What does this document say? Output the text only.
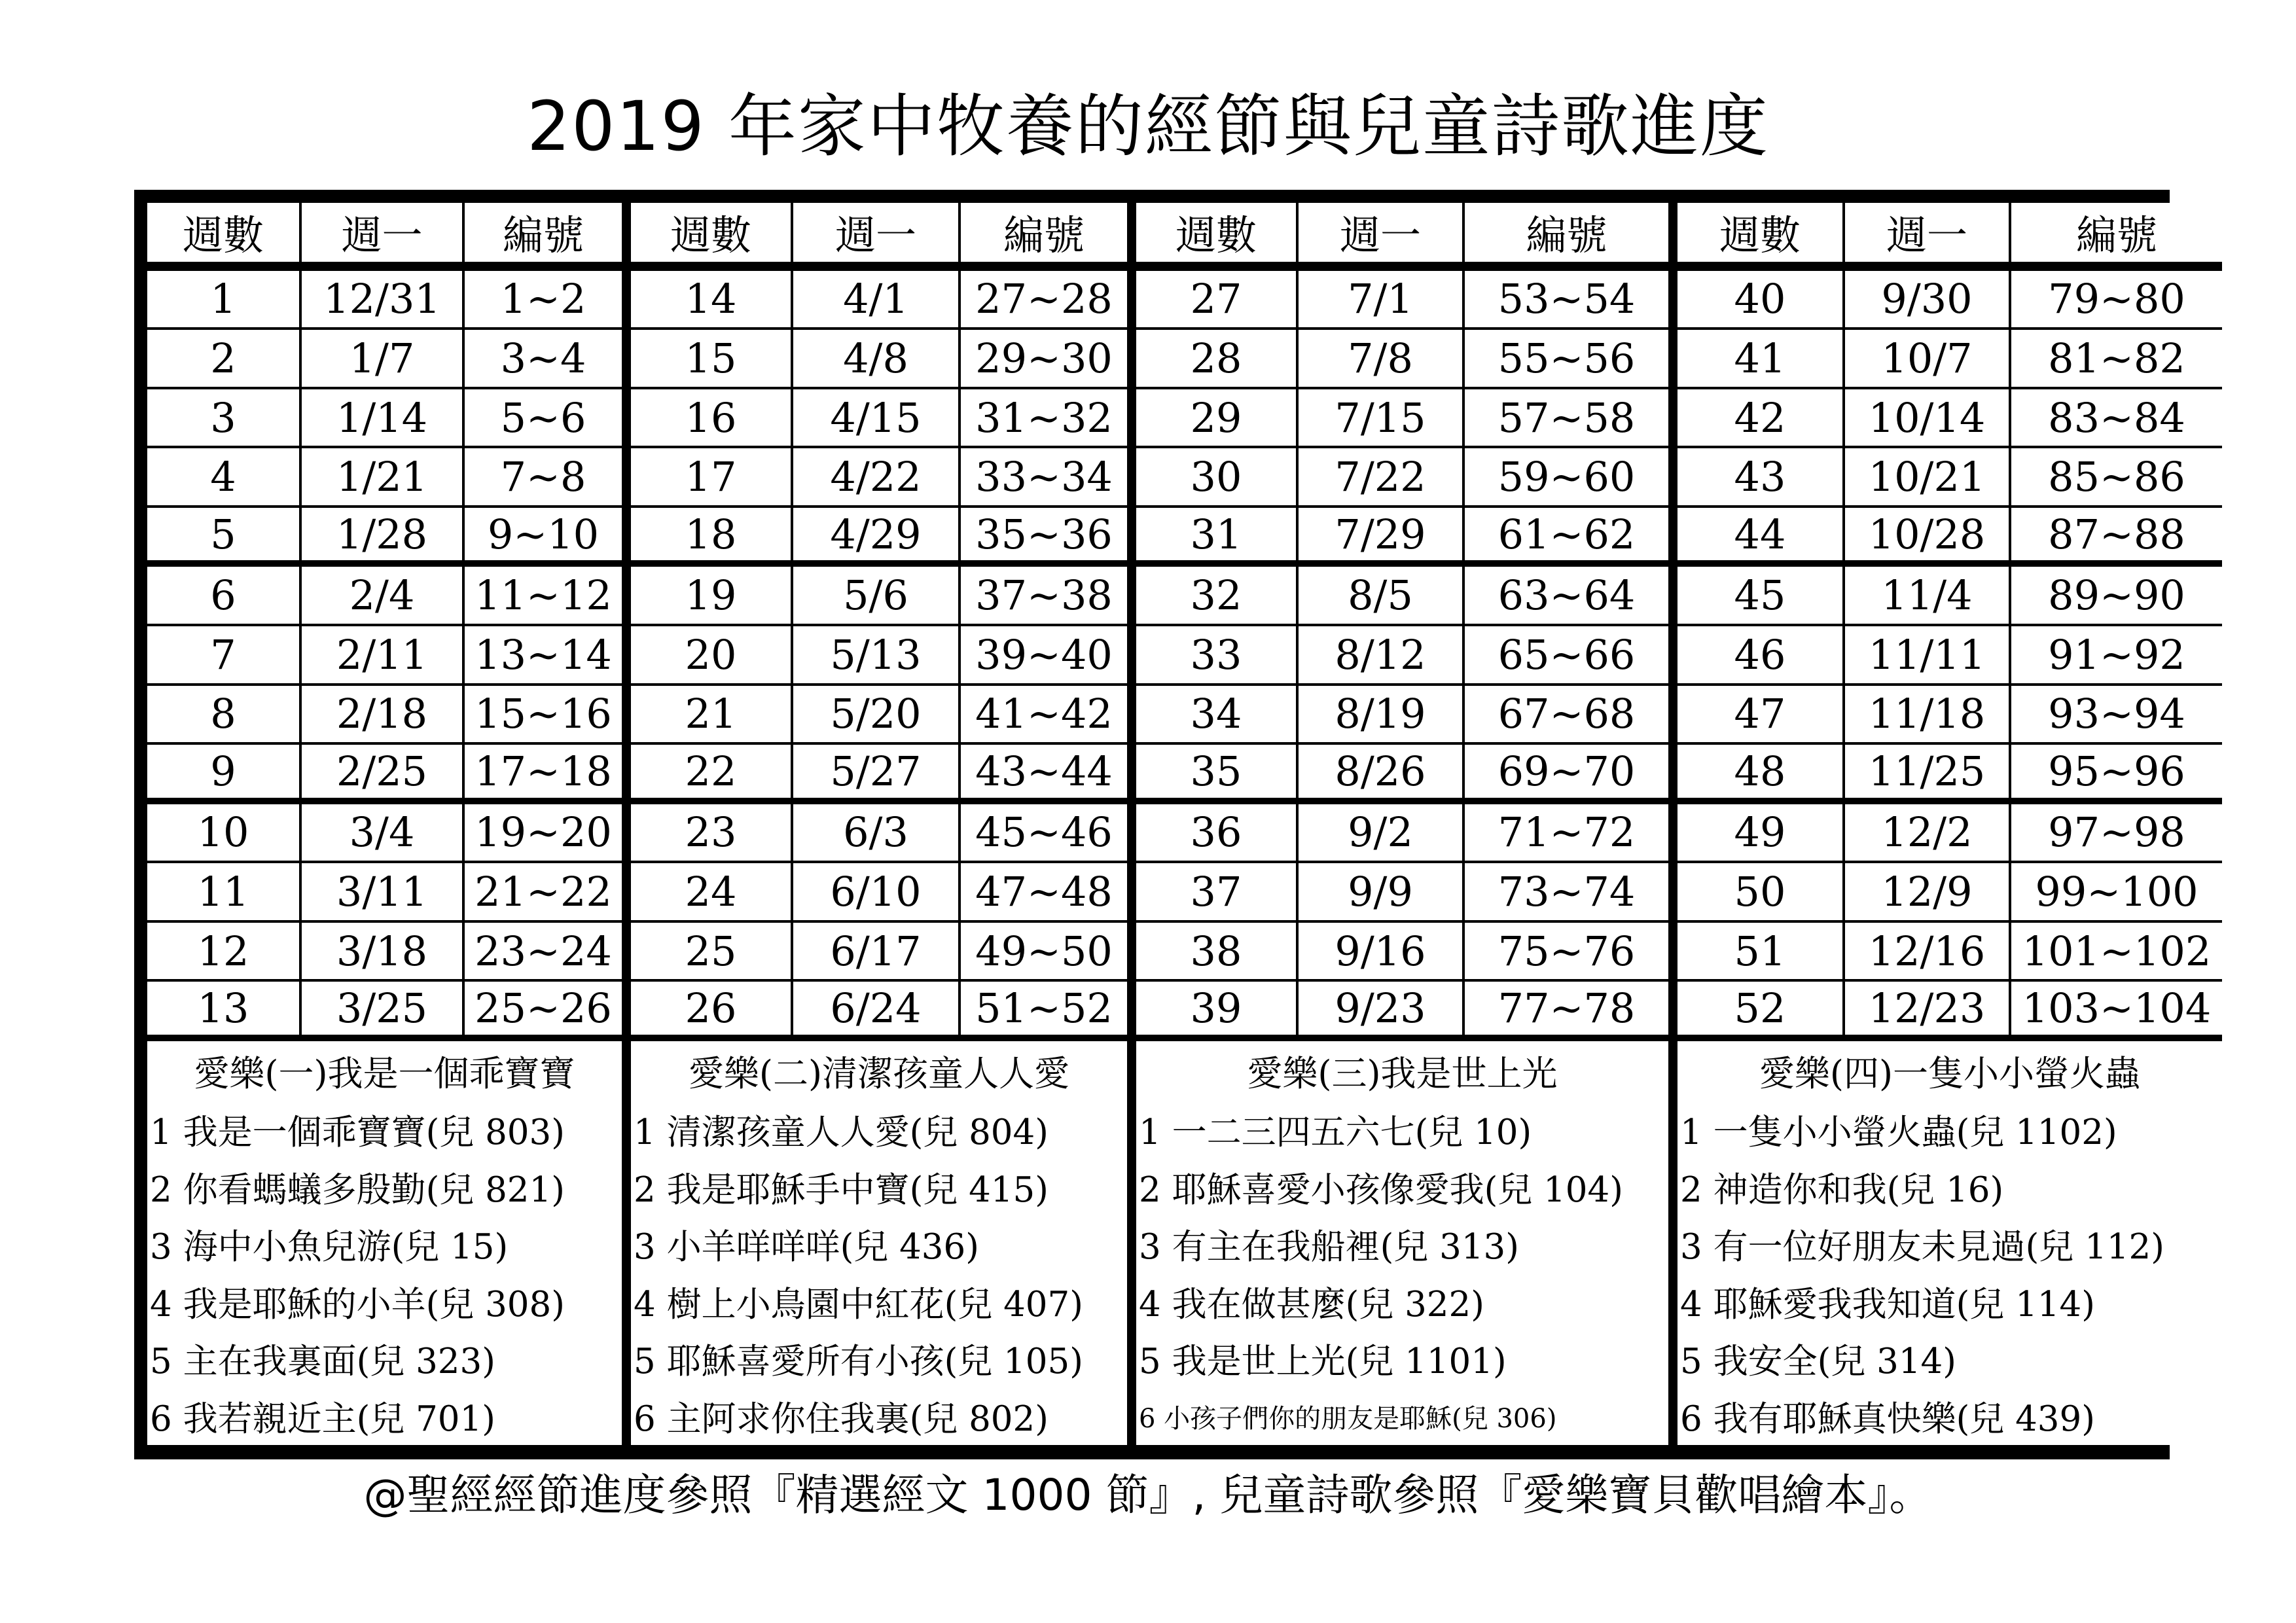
2019 年家中牧養的經節與兒童詩歌進度
週數	週一	編號	週數	週一	編號	週數	週一	編號	週數	週一	編號
1	12/31	1~2	14	4/1	27~28	27	7/1	53~54	40	9/30	79~80
2	1/7	3~4	15	4/8	29~30	28	7/8	55~56	41	10/7	81~82
3	1/14	5~6	16	4/15	31~32	29	7/15	57~58	42	10/14	83~84
4	1/21	7~8	17	4/22	33~34	30	7/22	59~60	43	10/21	85~86
5	1/28	9~10	18	4/29	35~36	31	7/29	61~62	44	10/28	87~88
6	2/4	11~12	19	5/6	37~38	32	8/5	63~64	45	11/4	89~90
7	2/11	13~14	20	5/13	39~40	33	8/12	65~66	46	11/11	91~92
8	2/18	15~16	21	5/20	41~42	34	8/19	67~68	47	11/18	93~94
9	2/25	17~18	22	5/27	43~44	35	8/26	69~70	48	11/25	95~96
10	3/4	19~20	23	6/3	45~46	36	9/2	71~72	49	12/2	97~98
11	3/11	21~22	24	6/10	47~48	37	9/9	73~74	50	12/9	99~100
12	3/18	23~24	25	6/17	49~50	38	9/16	75~76	51	12/16	101~102
13	3/25	25~26	26	6/24	51~52	39	9/23	77~78	52	12/23	103~104
愛樂(一)我是一個乖寶寶			愛樂(二)清潔孩童人人愛			愛樂(三)我是世上光			愛樂(四)一隻小小螢火蟲		
1 我是一個乖寶寶(兒 803)			1 清潔孩童人人愛(兒 804)			1 一二三四五六七(兒 10)			1 一隻小小螢火蟲(兒 1102)		
2 你看螞蟻多殷勤(兒 821)			2 我是耶穌手中寶(兒 415)			2 耶穌喜愛小孩像愛我(兒 104)			2 神造你和我(兒 16)		
3 海中小魚兒游(兒 15)			3 小羊咩咩咩(兒 436)			3 有主在我船裡(兒 313)			3 有一位好朋友未見過(兒 112)		
4 我是耶穌的小羊(兒 308)			4 樹上小鳥園中紅花(兒 407)			4 我在做甚麼(兒 322)			4 耶穌愛我我知道(兒 114)		
5 主在我裏面(兒 323)			5 耶穌喜愛所有小孩(兒 105)			5 我是世上光(兒 1101)			5 我安全(兒 314)		
6 我若親近主(兒 701)			6 主阿求你住我裏(兒 802)			6 小孩子們你的朋友是耶穌(兒 306)			6 我有耶穌真快樂(兒 439)		
@聖經經節進度參照『精選經文 1000 節』, 兒童詩歌參照『愛樂寶貝歡唱繪本』。
